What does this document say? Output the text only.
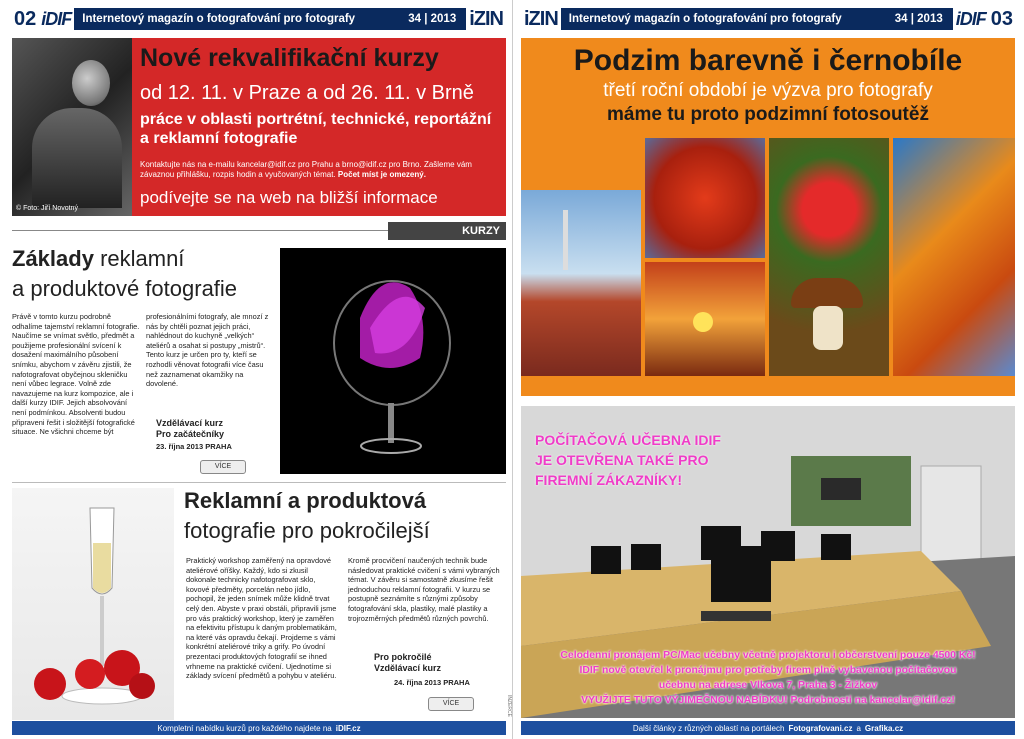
02 iDIF Internetový magazín o fotografování pro fotografy	34 | 2013 iZIN
© Foto: Jiří Novotný
Nové rekvalifikační kurzy
od 12. 11. v Praze a od 26. 11. v Brně
práce v oblasti portrétní, technické, reportážní a reklamní fotografie
Kontaktujte nás na e-mailu kancelar@idif.cz pro Prahu a brno@idif.cz pro Brno. Zašleme vám závaznou přihlášku, rozpis hodin a vyučovaných témat. Počet míst je omezený.
podívejte se na web na bližší informace
KURZY
Základy reklamní
a produktové fotografie
Právě v tomto kurzu podrobně odhalíme tajemství reklamní fotografie. Naučíme se vnímat světlo, předmět a použijeme profesionální svícení k dosažení maximálního působení snímku, abychom v závěru zjistili, že nafotografovat obyčejnou skleničku není vůbec legrace. Volně zde navazujeme na kurz kompozice, ale i další kurzy IDIF. Jejich absolvování není podmínkou. Absolventi budou připraveni řešit i složitější fotografické situace. Ne všichni chceme být
profesionálními fotografy, ale mnozí z nás by chtěli poznat jejich práci, nahlédnout do kuchyně „velkých“ ateliérů a osahat si postupy „mistrů“. Tento kurz je určen pro ty, kteří se rozhodli věnovat fotografii více času než zaznamenat okamžiky na dovolené.
Vzdělávací kurz
Pro začátečníky
23. října 2013 PRAHA
VÍCE
Reklamní a produktová
fotografie pro pokročilejší
Praktický workshop zaměřený na opravdové ateliérové oříšky. Každý, kdo si zkusil dokonale technicky nafotografovat sklo, kovové předměty, porcelán nebo jídlo, pochopil, že jeden snímek může klidně trvat celý den. Abyste v praxi obstáli, připravili jsme pro vás praktický workshop, který je zaměřen na efektivitu přístupu k daným problematikám, na které vás opravdu čekají. Projdeme s vámi konkrétní ateliérové triky a grify. Po úvodní prezentaci produktových fotografií se ihned vrhneme na praktické cvičení. Ujednotíme si základy svícení předmětů a pohybu v ateliéru.
Kromě procvičení naučených technik bude následovat praktické cvičení s vámi vybraných témat. V závěru si samostatně zkusíme řešit jednoduchou reklamní fotografii. V kurzu se postupně seznámíte s různými způsoby fotografování skla, plastiky, malé plastiky a trojrozměrných předmětů různých povrchů.
Pro pokročilé
Vzdělávací kurz
24. října 2013 PRAHA
VÍCE	INZERCE
Kompletní nabídku kurzů pro každého najdete na iDIF.cz
iZIN Internetový magazín o fotografování pro fotografy	34 | 2013 iDIF 03
Podzim barevně i černobíle
třetí roční období je výzva pro fotografy
máme tu proto podzimní fotosoutěž
POČÍTAČOVÁ UČEBNA IDIF
JE OTEVŘENA TAKÉ PRO
FIREMNÍ ZÁKAZNÍKY!
Celodenní pronájem PC/Mac učebny včetně projektoru i občerstvení pouze 4500 Kč!
IDIF nově otevřel k pronájmu pro potřeby firem plně vybavenou počítačovou
učebnu na adrese Vlkova 7, Praha 3 - Žižkov
VYUŽIJTE TUTO VÝJIMEČNOU NABÍDKU! Podrobnosti na kancelar@idif.cz!
Další články z různých oblastí na portálech Fotografovani.cz a Grafika.cz
